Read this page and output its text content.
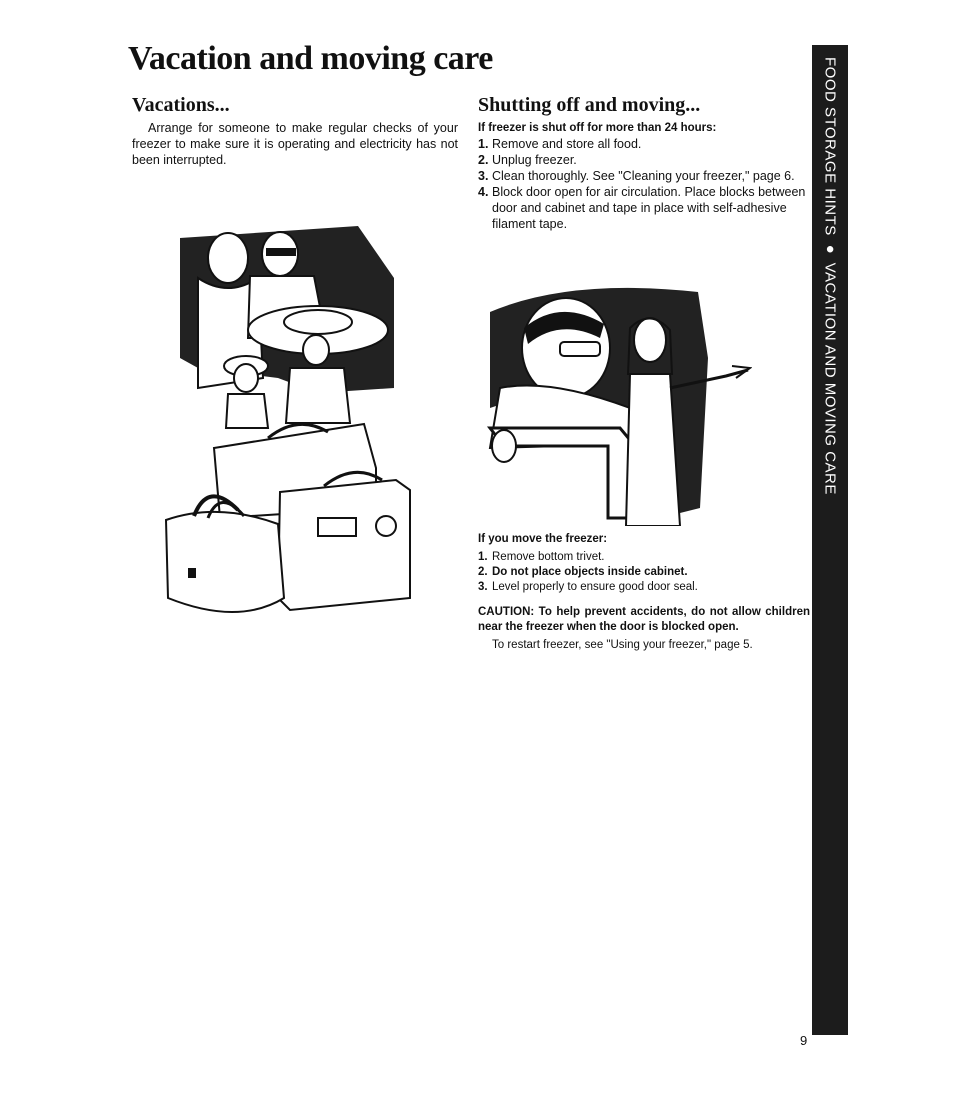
Vacation and moving care
Vacations...

Arrange for someone to make regular checks of your freezer to make sure it is operating and electricity has not been interrupted.

Shutting off and moving...

If freezer is shut off for more than 24 hours:

1. Remove and store all food.
2. Unplug freezer.
3. Clean thoroughly. See "Cleaning your freezer," page 6.
4. Block door open for air circulation. Place blocks between door and cabinet and tape in place with self-adhesive filament tape.

If you move the freezer:

1. Remove bottom trivet.
2. Do not place objects inside cabinet.
3. Level properly to ensure good door seal.

CAUTION: To help prevent accidents, do not allow children near the freezer when the door is blocked open.

To restart freezer, see "Using your freezer," page 5.

FOOD STORAGE HINTS ● VACATION AND MOVING CARE
9
